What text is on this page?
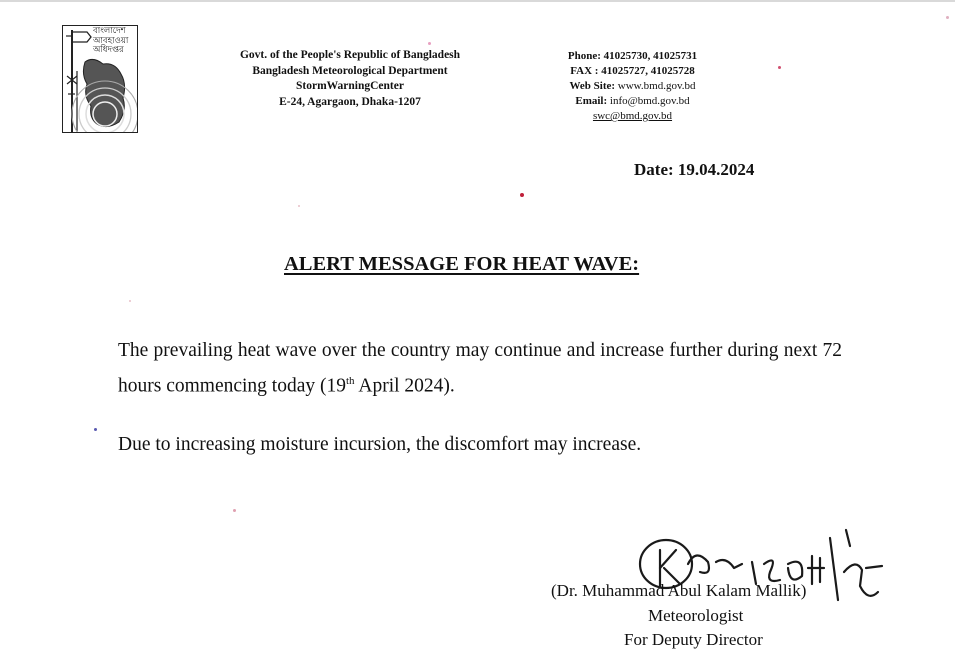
বাংলাদেশ
আবহাওয়া
অধিদপ্তর	Govt. of the People's Republic of Bangladesh
Bangladesh Meteorological Department
StormWarningCenter
E-24, Agargaon, Dhaka-1207
Phone: 41025730, 41025731
FAX : 41025727, 41025728
Web Site: www.bmd.gov.bd
Email: info@bmd.gov.bd
swc@bmd.gov.bd
Date: 19.04.2024
ALERT MESSAGE FOR HEAT WAVE:
The prevailing heat wave over the country may continue and increase further during next 72 hours commencing today (19th April 2024).
Due to increasing moisture incursion, the discomfort may increase.
(Dr. Muhammad Abul Kalam Mallik)
Meteorologist
For Deputy Director
